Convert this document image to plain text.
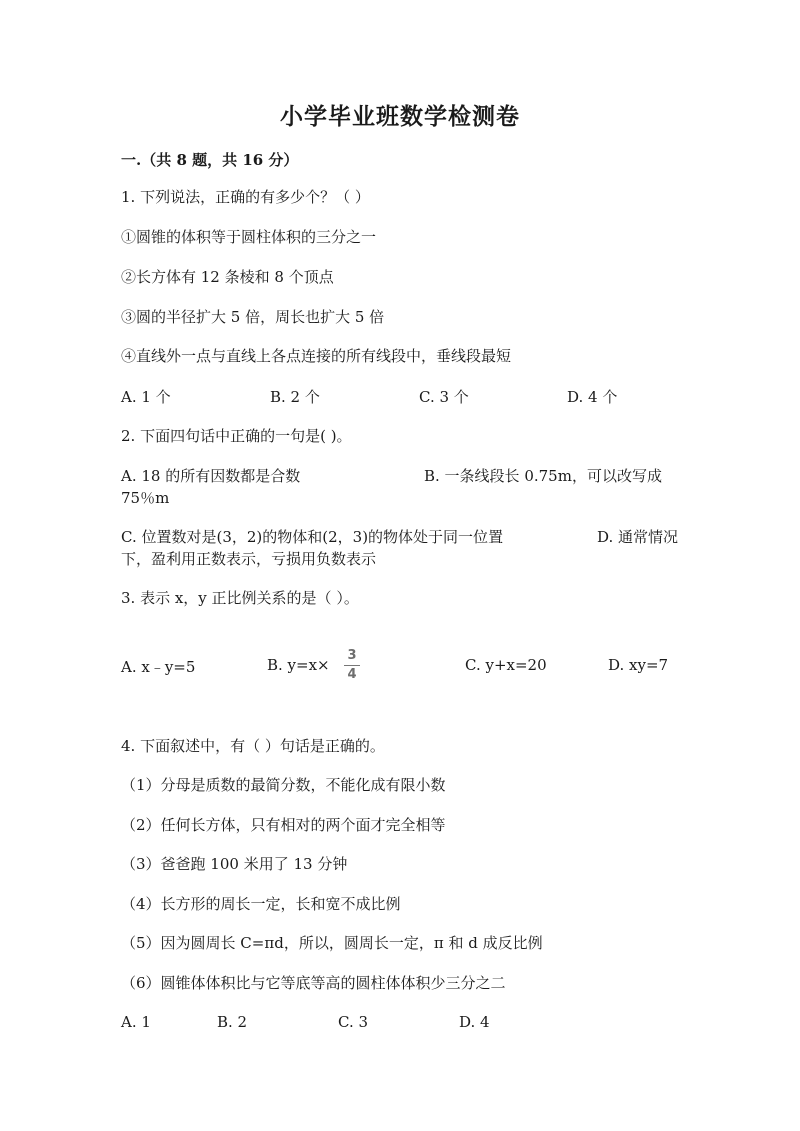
小学毕业班数学检测卷
一.（共 8 题，共 16 分）
1. 下列说法，正确的有多少个？（ ）
①圆锥的体积等于圆柱体积的三分之一
②长方体有 12 条棱和 8 个顶点
③圆的半径扩大 5 倍，周长也扩大 5 倍
④直线外一点与直线上各点连接的所有线段中，垂线段最短
A. 1 个	B. 2 个	C. 3 个	D. 4 个
2. 下面四句话中正确的一句是( )。
A. 18 的所有因数都是合数	B. 一条线段长 0.75m，可以改写成
75％m
C. 位置数对是(3，2)的物体和(2，3)的物体处于同一位置	D. 通常情况
下，盈利用正数表示，亏损用负数表示
3. 表示 x，y 正比例关系的是（ ）。
A. x﹣y=5	B. y=x×
3
4
C. y+x=20	D. xy=7
4. 下面叙述中，有（ ）句话是正确的。
（1）分母是质数的最简分数，不能化成有限小数
（2）任何长方体，只有相对的两个面才完全相等
（3）爸爸跑 100 米用了 13 分钟
（4）长方形的周长一定，长和宽不成比例
（5）因为圆周长 C=πd，所以，圆周长一定，π 和 d 成反比例
（6）圆锥体体积比与它等底等高的圆柱体体积少三分之二
A. 1	B. 2	C. 3	D. 4
